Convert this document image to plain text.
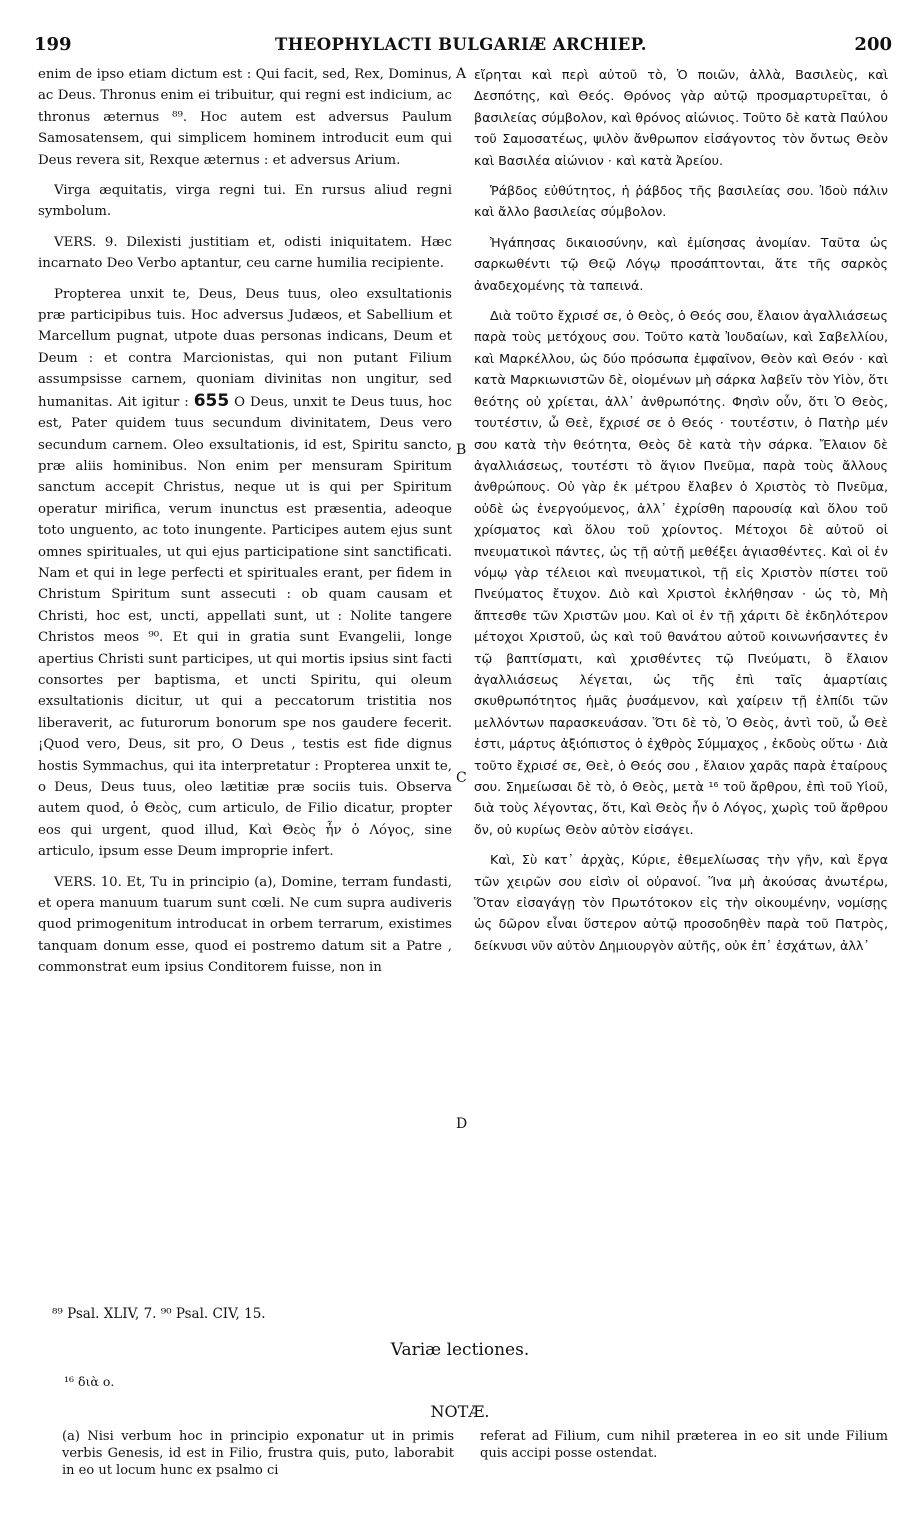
199	THEOPHYLACTI BULGARIÆ ARCHIEP.	200

enim de ipso etiam dictum est : Qui facit, sed, Rex, Dominus, ac Deus. Thronus enim ei tribuitur, qui regni est indicium, ac thronus æternus ⁸⁹. Hoc autem est adversus Paulum Samosatensem, qui simplicem hominem introducit eum qui Deus revera sit, Rexque æternus : et adversus Arium.

Virga æquitatis, virga regni tui. En rursus aliud regni symbolum.

VERS. 9. Dilexisti justitiam et, odisti iniquitatem. Hæc incarnato Deo Verbo aptantur, ceu carne humilia recipiente.

Propterea unxit te, Deus, Deus tuus, oleo exsultationis præ participibus tuis. Hoc adversus Judæos, et Sabellium et Marcellum pugnat, utpote duas personas indicans, Deum et Deum : et contra Marcionistas, qui non putant Filium assumpsisse carnem, quoniam divinitas non ungitur, sed humanitas. Ait igitur : 655 O Deus, unxit te Deus tuus, hoc est, Pater quidem tuus secundum divinitatem, Deus vero secundum carnem. Oleo exsultationis, id est, Spiritu sancto, præ aliis hominibus. Non enim per mensuram Spiritum sanctum accepit Christus, neque ut is qui per Spiritum operatur mirifica, verum inunctus est præsentia, adeoque toto unguento, ac toto inungente. Participes autem ejus sunt omnes spirituales, ut qui ejus participatione sint sanctificati. Nam et qui in lege perfecti et spirituales erant, per fidem in Christum Spiritum sunt assecuti : ob quam causam et Christi, hoc est, uncti, appellati sunt, ut : Nolite tangere Christos meos ⁹⁰. Et qui in gratia sunt Evangelii, longe apertius Christi sunt participes, ut qui mortis ipsius sint facti consortes per baptisma, et uncti Spiritu, qui oleum exsultationis dicitur, ut qui a peccatorum tristitia nos liberaverit, ac futurorum bonorum spe nos gaudere fecerit. ¡Quod vero, Deus, sit pro, O Deus , testis est fide dignus hostis Symmachus, qui ita interpretatur : Propterea unxit te, o Deus, Deus tuus, oleo lætitiæ præ sociis tuis. Observa autem quod, ὁ Θεὸς, cum articulo, de Filio dicatur, propter eos qui urgent, quod illud, Καὶ Θεὸς ἦν ὁ Λόγος, sine articulo, ipsum esse Deum improprie infert.

VERS. 10. Et, Tu in principio (a), Domine, terram fundasti, et opera manuum tuarum sunt cœli. Ne cum supra audiveris quod primogenitum introducat in orbem terrarum, existimes tanquam donum esse, quod ei postremo datum sit a Patre , commonstrat eum ipsius Conditorem fuisse, non in

A
B
C
D

εἴρηται καὶ περὶ αὐτοῦ τὸ, Ὁ ποιῶν, ἀλλὰ, Βασιλεὺς, καὶ Δεσπότης, καὶ Θεός. Θρόνος γὰρ αὐτῷ προσμαρτυρεῖται, ὁ βασιλείας σύμβολον, καὶ θρόνος αἰώνιος. Τοῦτο δὲ κατὰ Παύλου τοῦ Σαμοσατέως, ψιλὸν ἄνθρωπον εἰσάγοντος τὸν ὄντως Θεὸν καὶ Βασιλέα αἰώνιον · καὶ κατὰ Ἀρείου.

Ῥάβδος εὐθύτητος, ἡ ῥάβδος τῆς βασιλείας σου. Ἰδοὺ πάλιν καὶ ἄλλο βασιλείας σύμβολον.

Ἠγάπησας δικαιοσύνην, καὶ ἐμίσησας ἀνομίαν. Ταῦτα ὡς σαρκωθέντι τῷ Θεῷ Λόγῳ προσάπτονται, ἅτε τῆς σαρκὸς ἀναδεχομένης τὰ ταπεινά.

Διὰ τοῦτο ἔχρισέ σε, ὁ Θεὸς, ὁ Θεός σου, ἔλαιον ἀγαλλιάσεως παρὰ τοὺς μετόχους σου. Τοῦτο κατὰ Ἰουδαίων, καὶ Σαβελλίου, καὶ Μαρκέλλου, ὡς δύο πρόσωπα ἐμφαῖνον, Θεὸν καὶ Θεόν · καὶ κατὰ Μαρκιωνιστῶν δὲ, οἰομένων μὴ σάρκα λαβεῖν τὸν Υἱὸν, ὅτι θεότης οὐ χρίεται, ἀλλ᾽ ἀνθρωπότης. Φησὶν οὖν, ὅτι Ὁ Θεὸς, τουτέστιν, ὦ Θεὲ, ἔχρισέ σε ὁ Θεός · τουτέστιν, ὁ Πατὴρ μέν σου κατὰ τὴν θεότητα, Θεὸς δὲ κατὰ τὴν σάρκα. Ἔλαιον δὲ ἀγαλλιάσεως, τουτέστι τὸ ἅγιον Πνεῦμα, παρὰ τοὺς ἄλλους ἀνθρώπους. Οὐ γὰρ ἐκ μέτρου ἔλαβεν ὁ Χριστὸς τὸ Πνεῦμα, οὐδὲ ὡς ἐνεργούμενος, ἀλλ᾽ ἐχρίσθη παρουσίᾳ καὶ ὅλου τοῦ χρίσματος καὶ ὅλου τοῦ χρίοντος. Μέτοχοι δὲ αὐτοῦ οἱ πνευματικοὶ πάντες, ὡς τῇ αὐτῇ μεθέξει ἁγιασθέντες. Καὶ οἱ ἐν νόμῳ γὰρ τέλειοι καὶ πνευματικοὶ, τῇ εἰς Χριστὸν πίστει τοῦ Πνεύματος ἔτυχον. Διὸ καὶ Χριστοὶ ἐκλήθησαν · ὡς τὸ, Μὴ ἅπτεσθε τῶν Χριστῶν μου. Καὶ οἱ ἐν τῇ χάριτι δὲ ἐκδηλότερον μέτοχοι Χριστοῦ, ὡς καὶ τοῦ θανάτου αὐτοῦ κοινωνήσαντες ἐν τῷ βαπτίσματι, καὶ χρισθέντες τῷ Πνεύματι, ὃ ἔλαιον ἀγαλλιάσεως λέγεται, ὡς τῆς ἐπὶ ταῖς ἁμαρτίαις σκυθρωπότητος ἡμᾶς ῥυσάμενον, καὶ χαίρειν τῇ ἐλπίδι τῶν μελλόντων παρασκευάσαν. Ὅτι δὲ τὸ, Ὁ Θεὸς, ἀντὶ τοῦ, ὦ Θεὲ ἐστι, μάρτυς ἀξιόπιστος ὁ ἐχθρὸς Σύμμαχος , ἐκδοὺς οὕτω · Διὰ τοῦτο ἔχρισέ σε, Θεὲ, ὁ Θεός σου , ἔλαιον χαρᾶς παρὰ ἑταίρους σου. Σημείωσαι δὲ τὸ, ὁ Θεὸς, μετὰ ¹⁶ τοῦ ἄρθρου, ἐπὶ τοῦ Υἱοῦ, διὰ τοὺς λέγοντας, ὅτι, Καὶ Θεὸς ἦν ὁ Λόγος, χωρὶς τοῦ ἄρθρου ὄν, οὐ κυρίως Θεὸν αὐτὸν εἰσάγει.

Καὶ, Σὺ κατ᾽ ἀρχὰς, Κύριε, ἐθεμελίωσας τὴν γῆν, καὶ ἔργα τῶν χειρῶν σου εἰσὶν οἱ οὐρανοί. Ἵνα μὴ ἀκούσας ἀνωτέρω, Ὅταν εἰσαγάγῃ τὸν Πρωτότοκον εἰς τὴν οἰκουμένην, νομίσῃς ὡς δῶρον εἶναι ὕστερον αὐτῷ προσοδηθὲν παρὰ τοῦ Πατρὸς, δείκνυσι νῦν αὐτὸν Δημιουργὸν αὐτῆς, οὐκ ἐπ᾽ ἐσχάτων, ἀλλ᾽

⁸⁹ Psal. XLIV, 7. ⁹⁰ Psal. CIV, 15.
Variæ lectiones.
¹⁶ διὰ ο.
NOTÆ.
(a) Nisi verbum hoc in principio exponatur ut in primis verbis Genesis, id est in Filio, frustra quis, puto, laborabit in eo ut locum hunc ex psalmo ci
referat ad Filium, cum nihil præterea in eo sit unde Filium quis accipi posse ostendat.
